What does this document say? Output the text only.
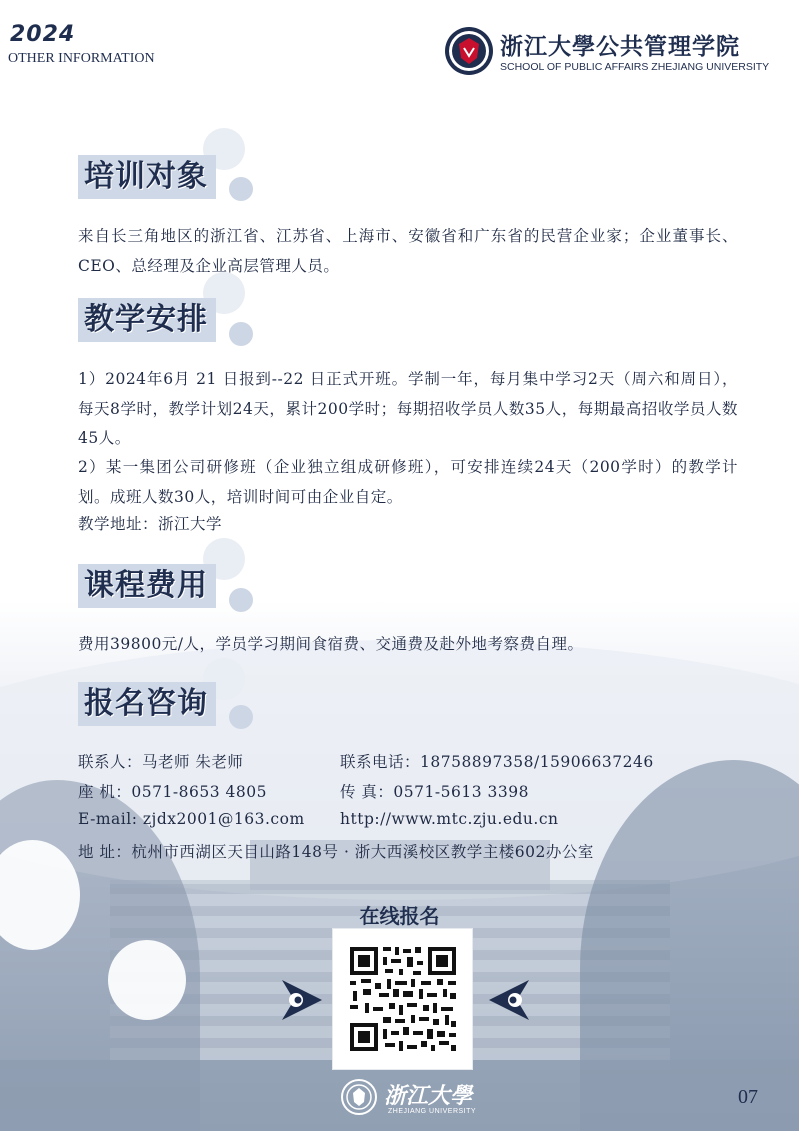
2024
OTHER INFORMATION	浙江大學公共管理学院
SCHOOL OF PUBLIC AFFAIRS ZHEJIANG UNIVERSITY
培训对象
来自长三角地区的浙江省、江苏省、上海市、安徽省和广东省的民营企业家；企业董事长、CEO、总经理及企业高层管理人员。
教学安排
1）2024年6月 21 日报到--22 日正式开班。学制一年，每月集中学习2天（周六和周日），每天8学时，教学计划24天，累计200学时；每期招收学员人数35人，每期最高招收学员人数45人。
2）某一集团公司研修班（企业独立组成研修班），可安排连续24天（200学时）的教学计划。成班人数30人，培训时间可由企业自定。
教学地址：浙江大学
课程费用
费用39800元/人，学员学习期间食宿费、交通费及赴外地考察费自理。
报名咨询
联系人：马老师 朱老师	联系电话：18758897358/15906637246
座 机：0571-8653 4805	传 真：0571-5613 3398
E-mail: zjdx2001@163.com http://www.mtc.zju.edu.cn
地 址：杭州市西湖区天目山路148号 · 浙大西溪校区教学主楼602办公室
在线报名
浙江大學
ZHEJIANG UNIVERSITY
07
